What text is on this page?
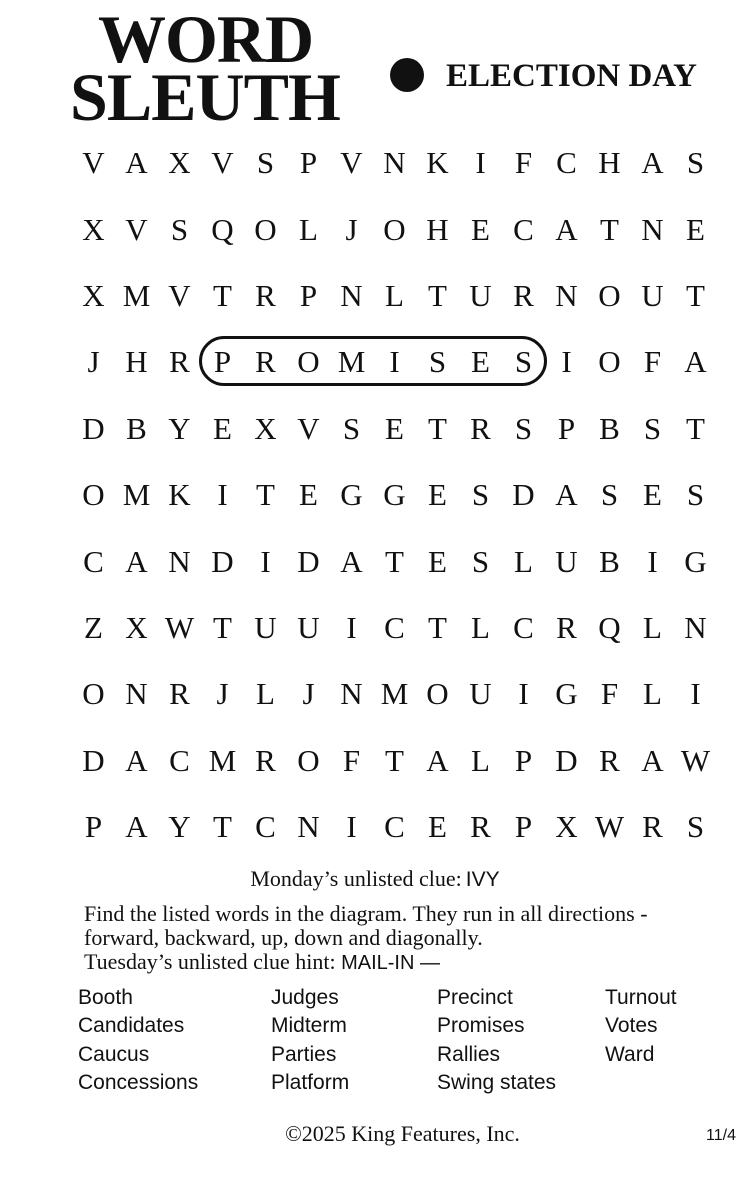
WORD
SLEUTH	ELECTION DAY
V A X V S P V N K I F C H A S
X V S Q O L J O H E C A T N E
X M V T R P N L T U R N O U T
J H R P R O M I S E S I O F A
D B Y E X V S E T R S P B S T
O M K I T E G G E S D A S E S
C A N D I D A T E S L U B I G
Z X W T U U I C T L C R Q L N
O N R J L J N M O U I G F L I
D A C M R O F T A L P D R A W
P A Y T C N I C E R P X W R S
Monday’s unlisted clue: IVY
Find the listed words in the diagram. They run in all directions - forward, backward, up, down and diagonally.
Tuesday’s unlisted clue hint: MAIL-IN —
Booth
Candidates
Caucus
Concessions
Judges
Midterm
Parties
Platform
Precinct
Promises
Rallies
Swing states
Turnout
Votes
Ward
©2025 King Features, Inc.	11/4
